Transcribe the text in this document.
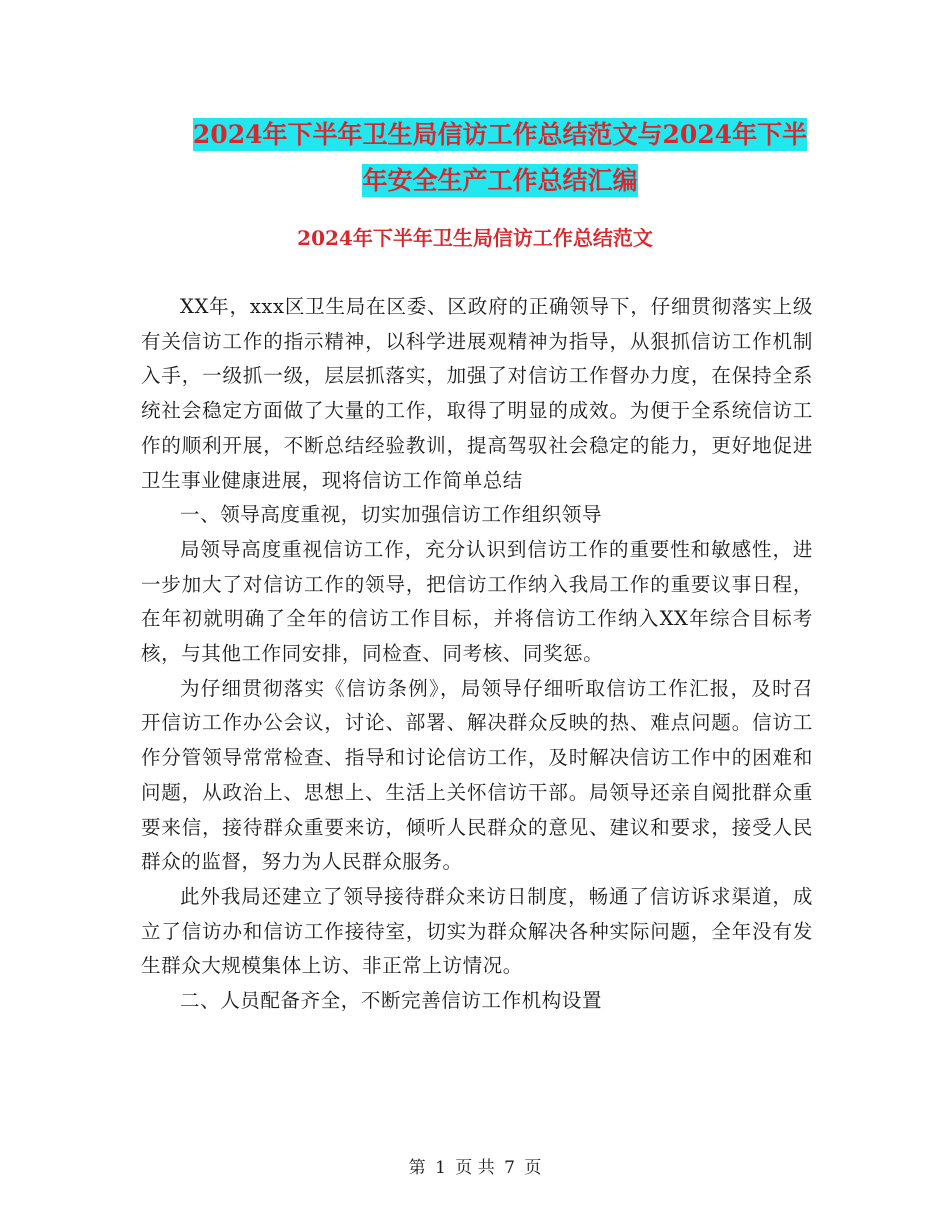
2024年下半年卫生局信访工作总结范文与2024年下半
年安全生产工作总结汇编
2024年下半年卫生局信访工作总结范文

XX年，xxx区卫生局在区委、区政府的正确领导下，仔细贯彻落实上级有关信访工作的指示精神，以科学进展观精神为指导，从狠抓信访工作机制入手，一级抓一级，层层抓落实，加强了对信访工作督办力度，在保持全系统社会稳定方面做了大量的工作，取得了明显的成效。为便于全系统信访工作的顺利开展，不断总结经验教训，提高驾驭社会稳定的能力，更好地促进卫生事业健康进展，现将信访工作简单总结

一、领导高度重视，切实加强信访工作组织领导

局领导高度重视信访工作，充分认识到信访工作的重要性和敏感性，进一步加大了对信访工作的领导，把信访工作纳入我局工作的重要议事日程，在年初就明确了全年的信访工作目标，并将信访工作纳入XX年综合目标考核，与其他工作同安排，同检查、同考核、同奖惩。

为仔细贯彻落实《信访条例》，局领导仔细听取信访工作汇报，及时召开信访工作办公会议，讨论、部署、解决群众反映的热、难点问题。信访工作分管领导常常检查、指导和讨论信访工作，及时解决信访工作中的困难和问题，从政治上、思想上、生活上关怀信访干部。局领导还亲自阅批群众重要来信，接待群众重要来访，倾听人民群众的意见、建议和要求，接受人民群众的监督，努力为人民群众服务。

此外我局还建立了领导接待群众来访日制度，畅通了信访诉求渠道，成立了信访办和信访工作接待室，切实为群众解决各种实际问题，全年没有发生群众大规模集体上访、非正常上访情况。

二、人员配备齐全，不断完善信访工作机构设置

第 1 页 共 7 页
